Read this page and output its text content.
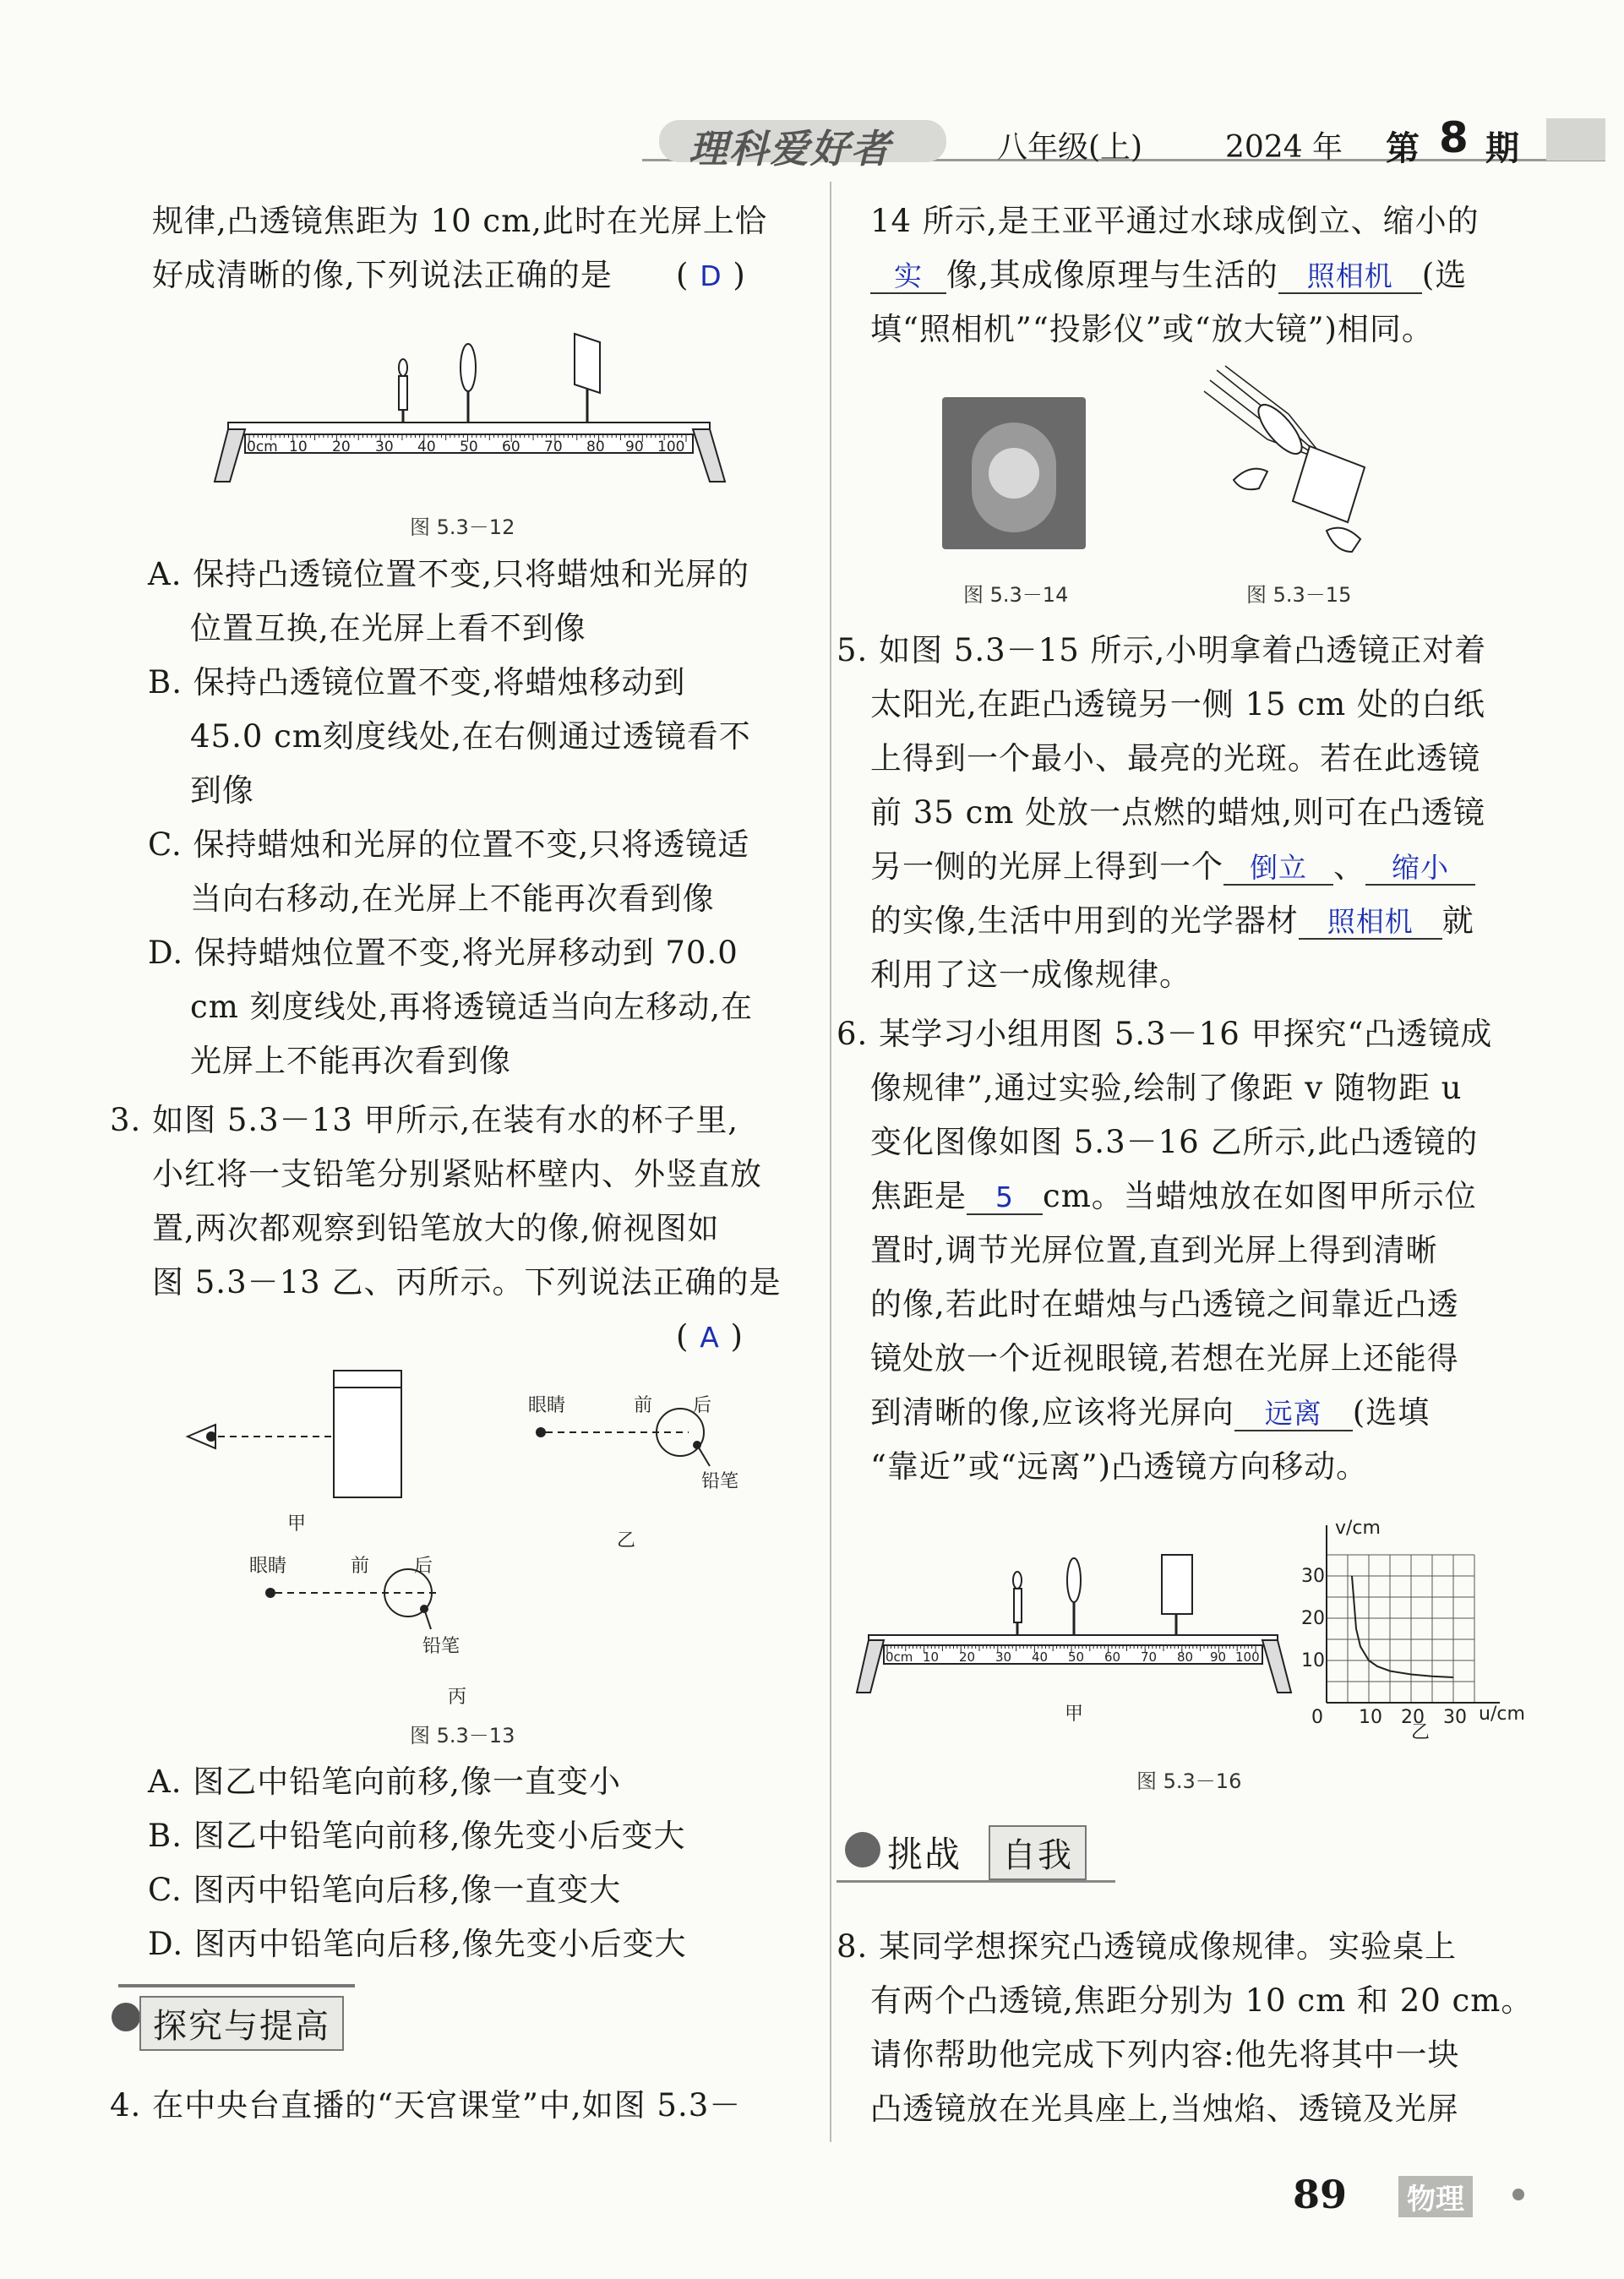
理科爱好者	八年级(上)	2024 年 第 8 期
规律,凸透镜焦距为 10 cm,此时在光屏上恰
好成清晰的像,下列说法正确的是 ( D )
0cm 10 20 30 40 50 60 70 80 90 100
图 5.3－12
A. 保持凸透镜位置不变,只将蜡烛和光屏的
位置互换,在光屏上看不到像
B. 保持凸透镜位置不变,将蜡烛移动到
45.0 cm刻度线处,在右侧通过透镜看不
到像
C. 保持蜡烛和光屏的位置不变,只将透镜适
当向右移动,在光屏上不能再次看到像
D. 保持蜡烛位置不变,将光屏移动到 70.0
cm 刻度线处,再将透镜适当向左移动,在
光屏上不能再次看到像
3. 如图 5.3－13 甲所示,在装有水的杯子里,
小红将一支铅笔分别紧贴杯壁内、外竖直放
置,两次都观察到铅笔放大的像,俯视图如
图 5.3－13 乙、丙所示。下列说法正确的是
( A )
甲
眼睛	前 后
铅笔
乙
眼睛	前 后
铅笔
丙
图 5.3－13
A. 图乙中铅笔向前移,像一直变小
B. 图乙中铅笔向前移,像先变小后变大
C. 图丙中铅笔向后移,像一直变大
D. 图丙中铅笔向后移,像先变小后变大
探究与提高
4. 在中央台直播的“天宫课堂”中,如图 5.3－
14 所示,是王亚平通过水球成倒立、缩小的
实 像,其成像原理与生活的 照相机 (选
填“照相机”“投影仪”或“放大镜”)相同。
图 5.3－14	图 5.3－15
5. 如图 5.3－15 所示,小明拿着凸透镜正对着
太阳光,在距凸透镜另一侧 15 cm 处的白纸
上得到一个最小、最亮的光斑。若在此透镜
前 35 cm 处放一点燃的蜡烛,则可在凸透镜
另一侧的光屏上得到一个 倒立 、 缩小
的实像,生活中用到的光学器材 照相机 就
利用了这一成像规律。
6. 某学习小组用图 5.3－16 甲探究“凸透镜成
像规律”,通过实验,绘制了像距 v 随物距 u
变化图像如图 5.3－16 乙所示,此凸透镜的
焦距是 5 cm。当蜡烛放在如图甲所示位
置时,调节光屏位置,直到光屏上得到清晰
的像,若此时在蜡烛与凸透镜之间靠近凸透
镜处放一个近视眼镜,若想在光屏上还能得
到清晰的像,应该将光屏向 远离 (选填
“靠近”或“远离”)凸透镜方向移动。
0cm 10 20 30 40 50 60 70 80 90 100
甲	0 10 20 30
10
20
30
v/cm
u/cm
乙
图 5.3－16
挑战	自我
8. 某同学想探究凸透镜成像规律。实验桌上
有两个凸透镜,焦距分别为 10 cm 和 20 cm。
请你帮助他完成下列内容:他先将其中一块
凸透镜放在光具座上,当烛焰、透镜及光屏
89 物理
